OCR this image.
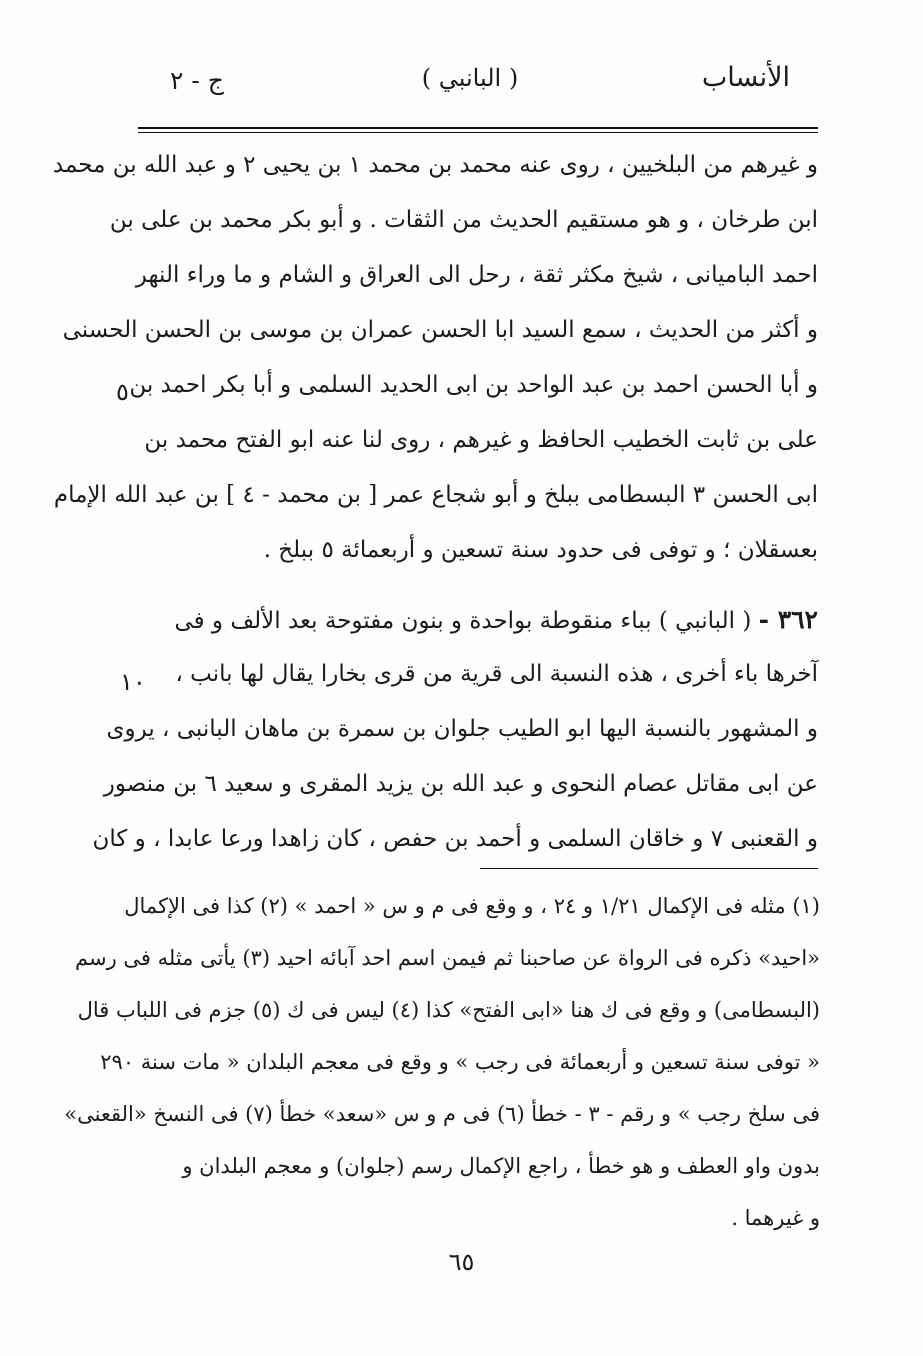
الأنساب
( البانبي )
ج - ٢
و غيرهم من البلخيين ، روى عنه محمد بن محمد ١ بن يحيى ٢ و عبد الله بن محمد
ابن طرخان ، و هو مستقيم الحديث من الثقات . و أبو بكر محمد بن على بن
احمد الباميانى ، شيخ مكثر ثقة ، رحل الى العراق و الشام و ما وراء النهر
و أكثر من الحديث ، سمع السيد ابا الحسن عمران بن موسى بن الحسن الحسنى
و أبا الحسن احمد بن عبد الواحد بن ابى الحديد السلمى و أبا بكر احمد بن
على بن ثابت الخطيب الحافظ و غيرهم ، روى لنا عنه ابو الفتح محمد بن
ابى الحسن ٣ البسطامى ببلخ و أبو شجاع عمر [ بن محمد - ٤ ] بن عبد الله الإمام
بعسقلان ؛ و توفى فى حدود سنة تسعين و أربعمائة ٥ ببلخ .
٣٦٢ - ( البانبي ) بباء منقوطة بواحدة و بنون مفتوحة بعد الألف و فى
آخرها باء أخرى ، هذه النسبة الى قرية من قرى بخارا يقال لها بانب ،
و المشهور بالنسبة اليها ابو الطيب جلوان بن سمرة بن ماهان البانبى ، يروى
عن ابى مقاتل عصام النحوى و عبد الله بن يزيد المقرى و سعيد ٦ بن منصور
و القعنبى ٧ و خاقان السلمى و أحمد بن حفص ، كان زاهدا ورعا عابدا ، و كان
٥
١٠
(١) مثله فى الإكمال ١/٢١ و ٢٤ ، و وقع فى م و س « احمد » (٢) كذا فى الإكمال
«احيد» ذكره فى الرواة عن صاحبنا ثم فيمن اسم احد آبائه احيد (٣) يأتى مثله فى رسم
(البسطامى) و وقع فى ك هنا «ابى الفتح» كذا (٤) ليس فى ك (٥) جزم فى اللباب قال
« توفى سنة تسعين و أربعمائة فى رجب » و وقع فى معجم البلدان « مات سنة ٢٩٠
فى سلخ رجب » و رقم - ٣ - خطأ (٦) فى م و س «سعد» خطأ (٧) فى النسخ «القعنى»
بدون واو العطف و هو خطأ ، راجع الإكمال رسم (جلوان) و معجم البلدان و
و غيرهما .
٦٥
